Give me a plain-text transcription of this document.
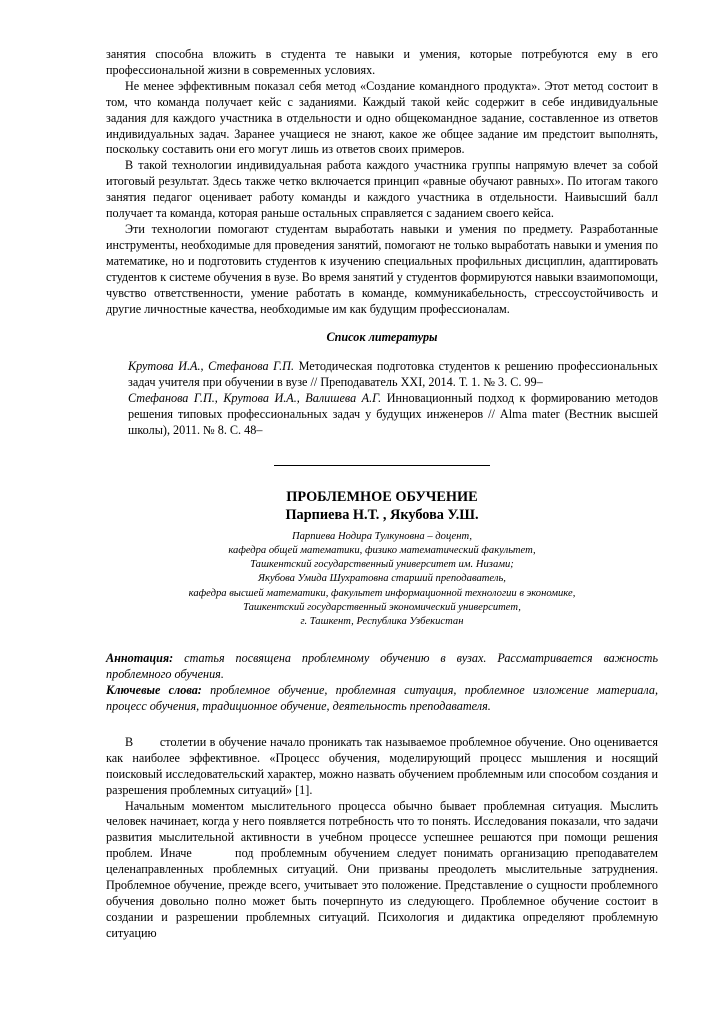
занятия способна вложить в студента те навыки и умения, которые потребуются ему в его профессиональной жизни в современных условиях.

Не менее эффективным показал себя метод «Создание командного продукта». Этот метод состоит в том, что команда получает кейс с заданиями. Каждый такой кейс содержит в себе индивидуальные задания для каждого участника в отдельности и одно общекомандное задание, составленное из ответов индивидуальных задач. Заранее учащиеся не знают, какое же общее задание им предстоит выполнять, поскольку составить они его могут лишь из ответов своих примеров.

В такой технологии индивидуальная работа каждого участника группы напрямую влечет за собой итоговый результат. Здесь также четко включается принцип «равные обучают равных». По итогам такого занятия педагог оценивает работу команды и каждого участника в отдельности. Наивысший балл получает та команда, которая раньше остальных справляется с заданием своего кейса.

Эти технологии помогают студентам выработать навыки и умения по предмету. Разработанные инструменты, необходимые для проведения занятий, помогают не только выработать навыки и умения по математике, но и подготовить студентов к изучению специальных профильных дисциплин, адаптировать студентов к системе обучения в вузе. Во время занятий у студентов формируются навыки взаимопомощи, чувство ответственности, умение работать в команде, коммуникабельность, стрессоустойчивость и другие личностные качества, необходимые им как будущим профессионалам.

Список литературы

Крутова И.А., Стефанова Г.П. Методическая подготовка студентов к решению профессиональных задач учителя при обучении в вузе // Преподаватель XXI, 2014. Т. 1. № 3. С. 99–

Стефанова Г.П., Крутова И.А., Валишева А.Г. Инновационный подход к формированию методов решения типовых профессиональных задач у будущих инженеров // Alma mater (Вестник высшей школы), 2011. № 8. С. 48–

ПРОБЛЕМНОЕ ОБУЧЕНИЕ
Парпиева Н.Т. , Якубова У.Ш.
Парпиева Нодира Тулкуновна – доцент,
кафедра общей математики, физико математический факультет,
Ташкентский государственный университет им. Низами;
Якубова Умида Шухратовна старший преподаватель,
кафедра высшей математики, факультет информационной технологии в экономике,
Ташкентский государственный экономический университет,
г. Ташкент, Республика Узбекистан

Аннотация: статья посвящена проблемному обучению в вузах. Рассматривается важность проблемного обучения.

Ключевые слова: проблемное обучение, проблемная ситуация, проблемное изложение материала, процесс обучения, традиционное обучение, деятельность преподавателя.

В        столетии в обучение начало проникать так называемое проблемное обучение. Оно оценивается как наиболее эффективное. «Процесс обучения, моделирующий процесс мышления и носящий поисковый исследовательский характер, можно назвать обучением проблемным или способом создания и разрешения проблемных ситуаций» [1].

Начальным моментом мыслительного процесса обычно бывает проблемная ситуация. Мыслить человек начинает, когда у него появляется потребность что то понять. Исследования показали, что задачи развития мыслительной активности в учебном процессе успешнее решаются при помощи решения проблем. Иначе      под проблемным обучением следует понимать организацию преподавателем целенаправленных проблемных ситуаций. Они призваны преодолеть мыслительные затруднения. Проблемное обучение, прежде всего, учитывает это положение. Представление о сущности проблемного обучения довольно полно может быть почерпнуто из следующего. Проблемное обучение состоит в создании и разрешении проблемных ситуаций. Психология и дидактика определяют проблемную ситуацию
